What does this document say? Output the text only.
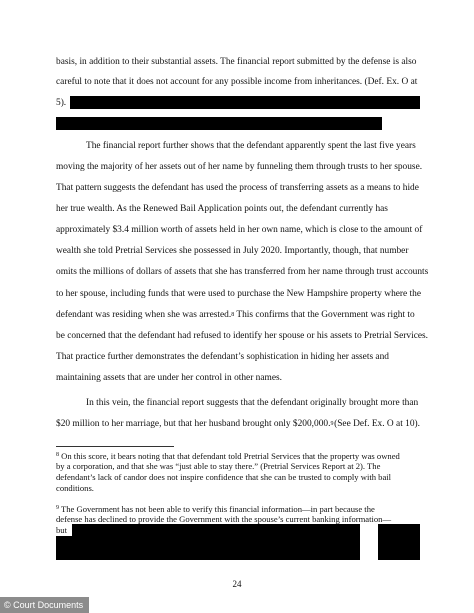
basis, in addition to their substantial assets. The financial report submitted by the defense is also
careful to note that it does not account for any possible income from inheritances. (Def. Ex. O at
5).
The financial report further shows that the defendant apparently spent the last five years
moving the majority of her assets out of her name by funneling them through trusts to her spouse.
That pattern suggests the defendant has used the process of transferring assets as a means to hide
her true wealth. As the Renewed Bail Application points out, the defendant currently has
approximately $3.4 million worth of assets held in her own name, which is close to the amount of
wealth she told Pretrial Services she possessed in July 2020. Importantly, though, that number
omits the millions of dollars of assets that she has transferred from her name through trust accounts
to her spouse, including funds that were used to purchase the New Hampshire property where the
defendant was residing when she was arrested. 8 This confirms that the Government was right to
be concerned that the defendant had refused to identify her spouse or his assets to Pretrial Services.
That practice further demonstrates the defendant’s sophistication in hiding her assets and
maintaining assets that are under her control in other names.
In this vein, the financial report suggests that the defendant originally brought more than
$20 million to her marriage, but that her husband brought only $200,000. 9 (See Def. Ex. O at 10).
$^8$ On this score, it bears noting that that defendant told Pretrial Services that the property was owned
by a corporation, and that she was “just able to stay there.” (Pretrial Services Report at 2). The
defendant’s lack of candor does not inspire confidence that she can be trusted to comply with bail
conditions.
$^9$ The Government has not been able to verify this financial information—in part because the
defense has declined to provide the Government with the spouse’s current banking information—
but
24
© Court Documents
